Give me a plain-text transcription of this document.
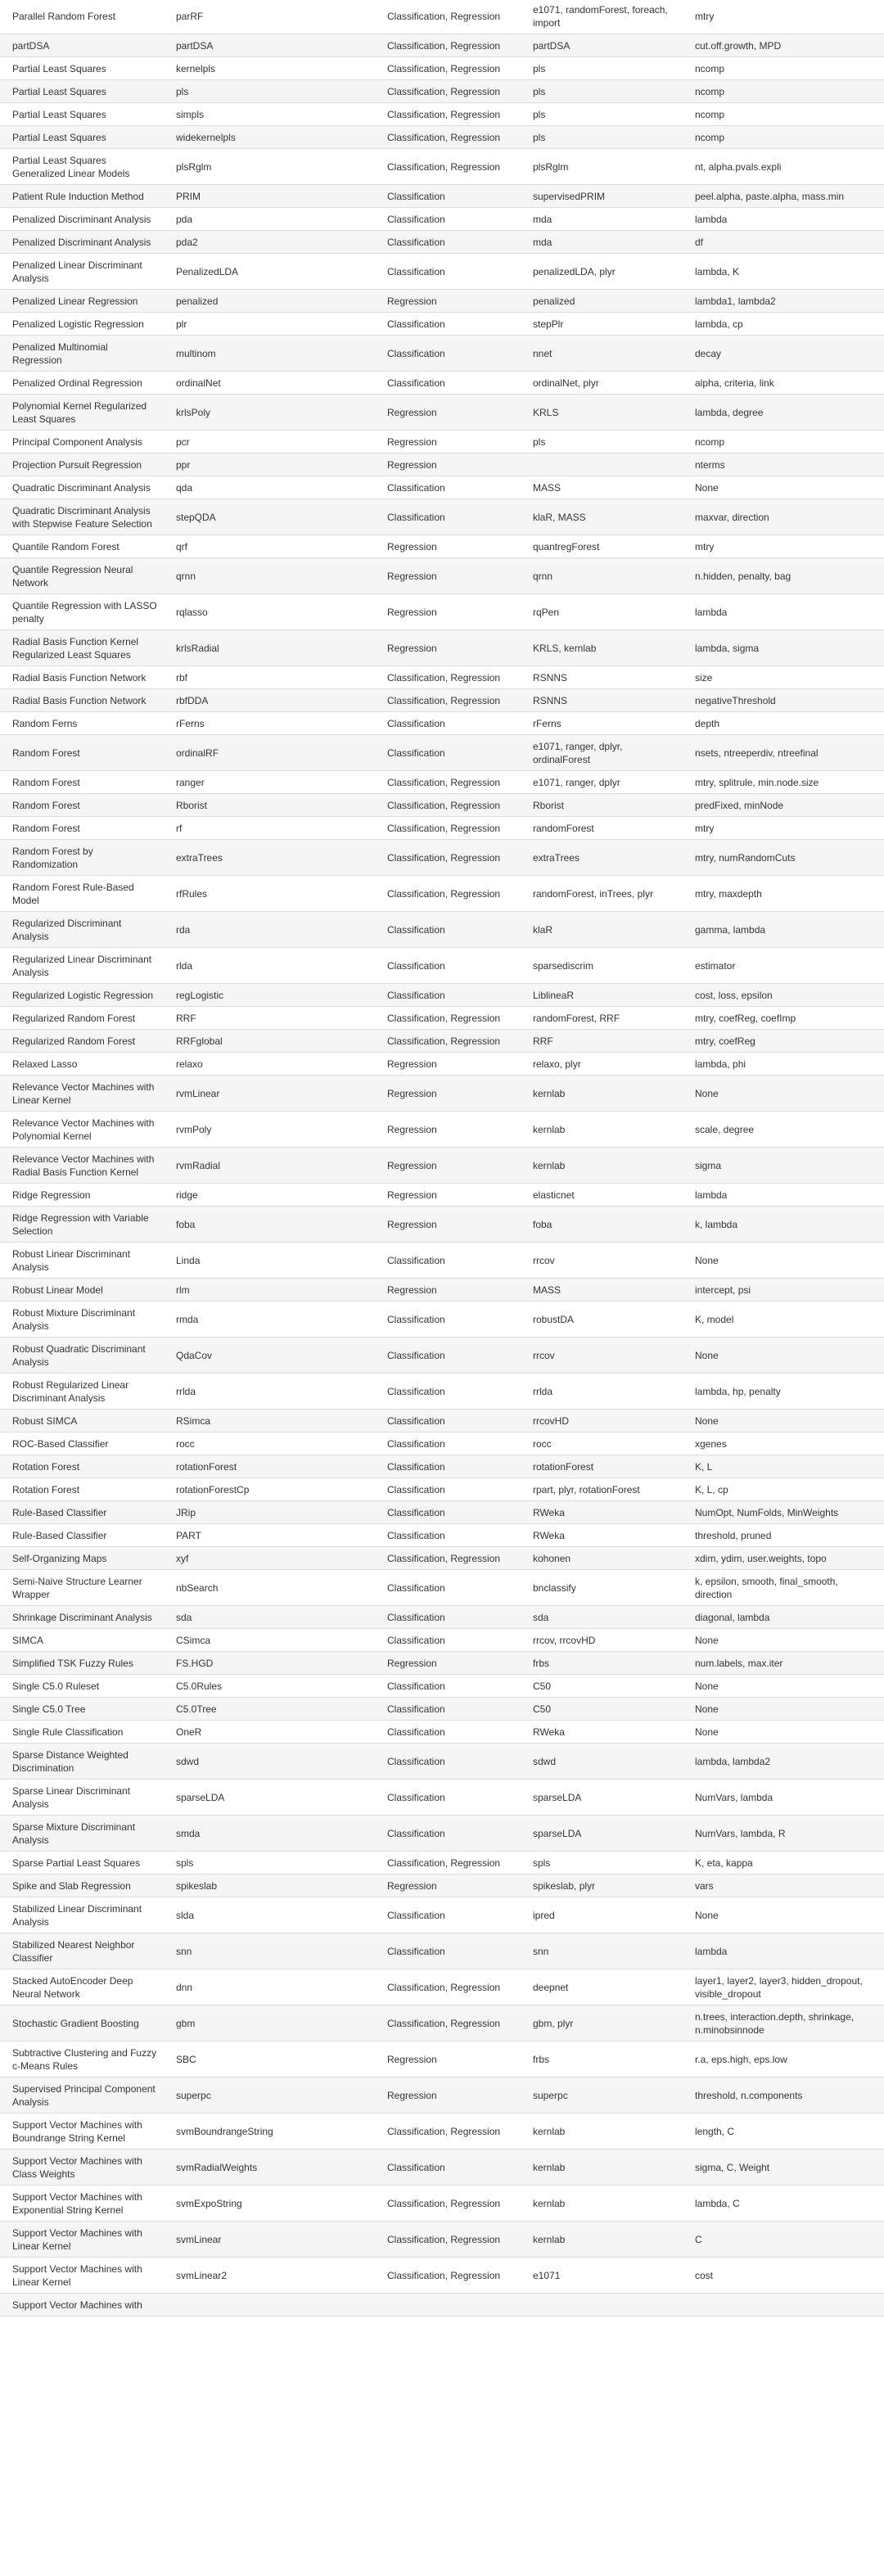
Parallel Random Forest	parRF	Classification, Regression	e1071, randomForest, foreach, import	mtry
partDSA	partDSA	Classification, Regression	partDSA	cut.off.growth, MPD
Partial Least Squares	kernelpls	Classification, Regression	pls	ncomp
Partial Least Squares	pls	Classification, Regression	pls	ncomp
Partial Least Squares	simpls	Classification, Regression	pls	ncomp
Partial Least Squares	widekernelpls	Classification, Regression	pls	ncomp
Partial Least Squares Generalized Linear Models	plsRglm	Classification, Regression	plsRglm	nt, alpha.pvals.expli
Patient Rule Induction Method	PRIM	Classification	supervisedPRIM	peel.alpha, paste.alpha, mass.min
Penalized Discriminant Analysis	pda	Classification	mda	lambda
Penalized Discriminant Analysis	pda2	Classification	mda	df
Penalized Linear Discriminant Analysis	PenalizedLDA	Classification	penalizedLDA, plyr	lambda, K
Penalized Linear Regression	penalized	Regression	penalized	lambda1, lambda2
Penalized Logistic Regression	plr	Classification	stepPlr	lambda, cp
Penalized Multinomial Regression	multinom	Classification	nnet	decay
Penalized Ordinal Regression	ordinalNet	Classification	ordinalNet, plyr	alpha, criteria, link
Polynomial Kernel Regularized Least Squares	krlsPoly	Regression	KRLS	lambda, degree
Principal Component Analysis	pcr	Regression	pls	ncomp
Projection Pursuit Regression	ppr	Regression		nterms
Quadratic Discriminant Analysis	qda	Classification	MASS	None
Quadratic Discriminant Analysis with Stepwise Feature Selection	stepQDA	Classification	klaR, MASS	maxvar, direction
Quantile Random Forest	qrf	Regression	quantregForest	mtry
Quantile Regression Neural Network	qrnn	Regression	qrnn	n.hidden, penalty, bag
Quantile Regression with LASSO penalty	rqlasso	Regression	rqPen	lambda
Radial Basis Function Kernel Regularized Least Squares	krlsRadial	Regression	KRLS, kernlab	lambda, sigma
Radial Basis Function Network	rbf	Classification, Regression	RSNNS	size
Radial Basis Function Network	rbfDDA	Classification, Regression	RSNNS	negativeThreshold
Random Ferns	rFerns	Classification	rFerns	depth
Random Forest	ordinalRF	Classification	e1071, ranger, dplyr, ordinalForest	nsets, ntreeperdiv, ntreefinal
Random Forest	ranger	Classification, Regression	e1071, ranger, dplyr	mtry, splitrule, min.node.size
Random Forest	Rborist	Classification, Regression	Rborist	predFixed, minNode
Random Forest	rf	Classification, Regression	randomForest	mtry
Random Forest by Randomization	extraTrees	Classification, Regression	extraTrees	mtry, numRandomCuts
Random Forest Rule-Based Model	rfRules	Classification, Regression	randomForest, inTrees, plyr	mtry, maxdepth
Regularized Discriminant Analysis	rda	Classification	klaR	gamma, lambda
Regularized Linear Discriminant Analysis	rlda	Classification	sparsediscrim	estimator
Regularized Logistic Regression	regLogistic	Classification	LiblineaR	cost, loss, epsilon
Regularized Random Forest	RRF	Classification, Regression	randomForest, RRF	mtry, coefReg, coefImp
Regularized Random Forest	RRFglobal	Classification, Regression	RRF	mtry, coefReg
Relaxed Lasso	relaxo	Regression	relaxo, plyr	lambda, phi
Relevance Vector Machines with Linear Kernel	rvmLinear	Regression	kernlab	None
Relevance Vector Machines with Polynomial Kernel	rvmPoly	Regression	kernlab	scale, degree
Relevance Vector Machines with Radial Basis Function Kernel	rvmRadial	Regression	kernlab	sigma
Ridge Regression	ridge	Regression	elasticnet	lambda
Ridge Regression with Variable Selection	foba	Regression	foba	k, lambda
Robust Linear Discriminant Analysis	Linda	Classification	rrcov	None
Robust Linear Model	rlm	Regression	MASS	intercept, psi
Robust Mixture Discriminant Analysis	rmda	Classification	robustDA	K, model
Robust Quadratic Discriminant Analysis	QdaCov	Classification	rrcov	None
Robust Regularized Linear Discriminant Analysis	rrlda	Classification	rrlda	lambda, hp, penalty
Robust SIMCA	RSimca	Classification	rrcovHD	None
ROC-Based Classifier	rocc	Classification	rocc	xgenes
Rotation Forest	rotationForest	Classification	rotationForest	K, L
Rotation Forest	rotationForestCp	Classification	rpart, plyr, rotationForest	K, L, cp
Rule-Based Classifier	JRip	Classification	RWeka	NumOpt, NumFolds, MinWeights
Rule-Based Classifier	PART	Classification	RWeka	threshold, pruned
Self-Organizing Maps	xyf	Classification, Regression	kohonen	xdim, ydim, user.weights, topo
Semi-Naive Structure Learner Wrapper	nbSearch	Classification	bnclassify	k, epsilon, smooth, final_smooth, direction
Shrinkage Discriminant Analysis	sda	Classification	sda	diagonal, lambda
SIMCA	CSimca	Classification	rrcov, rrcovHD	None
Simplified TSK Fuzzy Rules	FS.HGD	Regression	frbs	num.labels, max.iter
Single C5.0 Ruleset	C5.0Rules	Classification	C50	None
Single C5.0 Tree	C5.0Tree	Classification	C50	None
Single Rule Classification	OneR	Classification	RWeka	None
Sparse Distance Weighted Discrimination	sdwd	Classification	sdwd	lambda, lambda2
Sparse Linear Discriminant Analysis	sparseLDA	Classification	sparseLDA	NumVars, lambda
Sparse Mixture Discriminant Analysis	smda	Classification	sparseLDA	NumVars, lambda, R
Sparse Partial Least Squares	spls	Classification, Regression	spls	K, eta, kappa
Spike and Slab Regression	spikeslab	Regression	spikeslab, plyr	vars
Stabilized Linear Discriminant Analysis	slda	Classification	ipred	None
Stabilized Nearest Neighbor Classifier	snn	Classification	snn	lambda
Stacked AutoEncoder Deep Neural Network	dnn	Classification, Regression	deepnet	layer1, layer2, layer3, hidden_dropout, visible_dropout
Stochastic Gradient Boosting	gbm	Classification, Regression	gbm, plyr	n.trees, interaction.depth, shrinkage, n.minobsinnode
Subtractive Clustering and Fuzzy c-Means Rules	SBC	Regression	frbs	r.a, eps.high, eps.low
Supervised Principal Component Analysis	superpc	Regression	superpc	threshold, n.components
Support Vector Machines with Boundrange String Kernel	svmBoundrangeString	Classification, Regression	kernlab	length, C
Support Vector Machines with Class Weights	svmRadialWeights	Classification	kernlab	sigma, C, Weight
Support Vector Machines with Exponential String Kernel	svmExpoString	Classification, Regression	kernlab	lambda, C
Support Vector Machines with Linear Kernel	svmLinear	Classification, Regression	kernlab	C
Support Vector Machines with Linear Kernel	svmLinear2	Classification, Regression	e1071	cost
Support Vector Machines with				
